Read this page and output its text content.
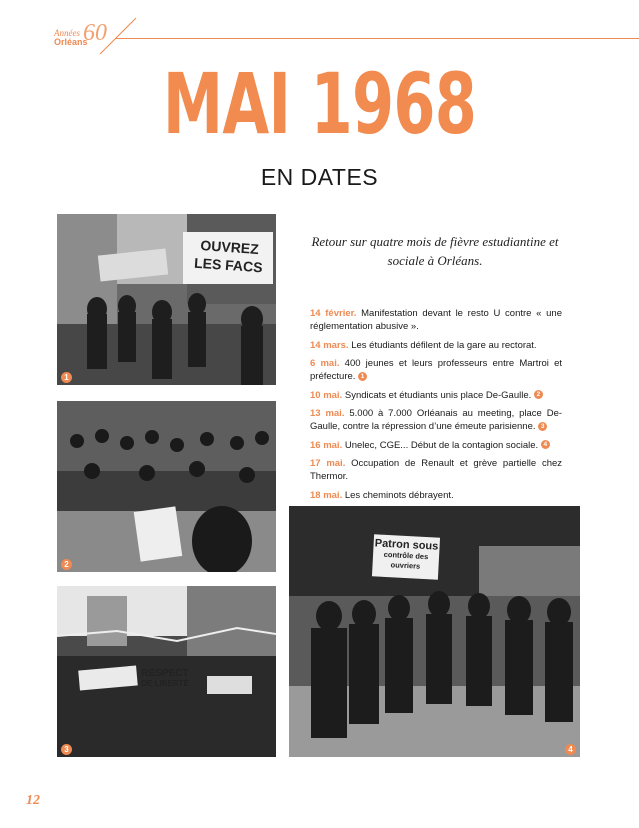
Années
Orléans
60
MAI 1968
EN DATES
OUVREZ
LES FACS
1
2
RESPECT
DE LIBERTÉ
3
Patron sous
contrôle des ouvriers
4
Retour sur quatre mois de fièvre estudiantine et sociale à Orléans.

14 février. Manifestation devant le resto U contre « une réglementation abusive ».

14 mars. Les étudiants défilent de la gare au rectorat.

6 mai. 400 jeunes et leurs professeurs entre Martroi et préfecture. 1

10 mai. Syndicats et étudiants unis place De-Gaulle. 2

13 mai. 5.000 à 7.000 Orléanais au meeting, place De-Gaulle, contre la répression d’une émeute parisienne. 3

16 mai. Unelec, CGE... Début de la contagion sociale. 4

17 mai. Occupation de Renault et grève partielle chez Thermor.

18 mai. Les cheminots débrayent.

12
